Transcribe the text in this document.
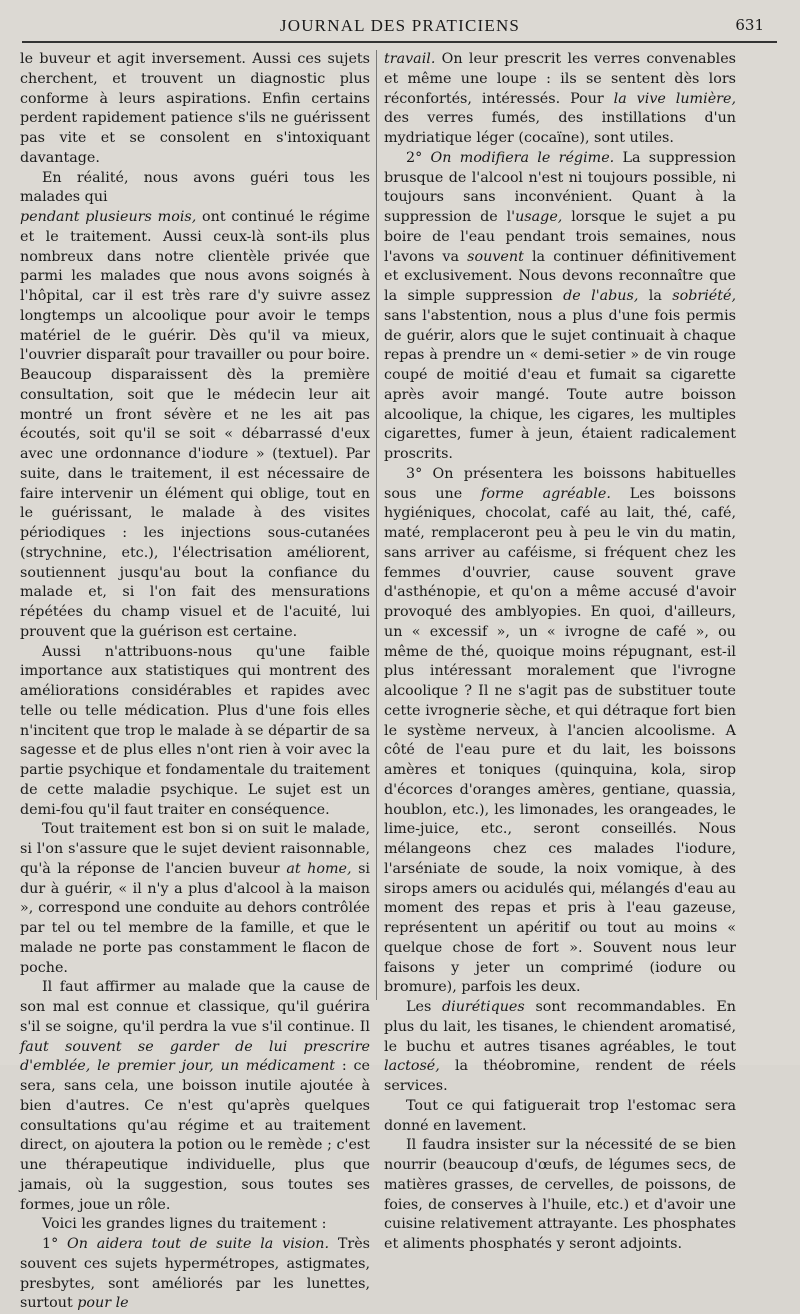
JOURNAL DES PRATICIENS	631

le buveur et agit inversement. Aussi ces sujets cherchent, et trouvent un diagnostic plus conforme à leurs aspirations. Enfin certains perdent rapidement patience s'ils ne guérissent pas vite et se consolent en s'intoxiquant davantage.

En réalité, nous avons guéri tous les malades qui
pendant plusieurs mois, ont continué le régime et le traitement. Aussi ceux-là sont-ils plus nombreux dans notre clientèle privée que parmi les malades que nous avons soignés à l'hôpital, car il est très rare d'y suivre assez longtemps un alcoolique pour avoir le temps matériel de le guérir. Dès qu'il va mieux, l'ouvrier disparaît pour travailler ou pour boire. Beaucoup disparaissent dès la première consultation, soit que le médecin leur ait montré un front sévère et ne les ait pas écoutés, soit qu'il se soit « débarrassé d'eux avec une ordonnance d'iodure » (textuel). Par suite, dans le traitement, il est nécessaire de faire intervenir un élément qui oblige, tout en le guérissant, le malade à des visites périodiques : les injections sous-cutanées (strychnine, etc.), l'électrisation améliorent, soutiennent jusqu'au bout la confiance du malade et, si l'on fait des mensurations répétées du champ visuel et de l'acuité, lui prouvent que la guérison est certaine.

Aussi n'attribuons-nous qu'une faible importance aux statistiques qui montrent des améliorations considérables et rapides avec telle ou telle médication. Plus d'une fois elles n'incitent que trop le malade à se départir de sa sagesse et de plus elles n'ont rien à voir avec la partie psychique et fondamentale du traitement de cette maladie psychique. Le sujet est un demi-fou qu'il faut traiter en conséquence.

Tout traitement est bon si on suit le malade, si l'on s'assure que le sujet devient raisonnable, qu'à la réponse de l'ancien buveur at home, si dur à guérir, « il n'y a plus d'alcool à la maison », correspond une conduite au dehors contrôlée par tel ou tel membre de la famille, et que le malade ne porte pas constamment le flacon de poche.

Il faut affirmer au malade que la cause de son mal est connue et classique, qu'il guérira s'il se soigne, qu'il perdra la vue s'il continue. Il faut souvent se garder de lui prescrire d'emblée, le premier jour, un médicament : ce sera, sans cela, une boisson inutile ajoutée à bien d'autres. Ce n'est qu'après quelques consultations qu'au régime et au traitement direct, on ajoutera la potion ou le remède ; c'est une thérapeutique individuelle, plus que jamais, où la suggestion, sous toutes ses formes, joue un rôle.

Voici les grandes lignes du traitement :

1° On aidera tout de suite la vision. Très souvent ces sujets hypermétropes, astigmates, presbytes, sont améliorés par les lunettes, surtout pour le

travail. On leur prescrit les verres convenables et même une loupe : ils se sentent dès lors réconfortés, intéressés. Pour la vive lumière, des verres fumés, des instillations d'un mydriatique léger (cocaïne), sont utiles.

2° On modifiera le régime. La suppression brusque de l'alcool n'est ni toujours possible, ni toujours sans inconvénient. Quant à la suppression de l'usage, lorsque le sujet a pu boire de l'eau pendant trois semaines, nous l'avons va souvent la continuer définitivement et exclusivement. Nous devons reconnaître que la simple suppression de l'abus, la sobriété, sans l'abstention, nous a plus d'une fois permis de guérir, alors que le sujet continuait à chaque repas à prendre un « demi-setier » de vin rouge coupé de moitié d'eau et fumait sa cigarette après avoir mangé. Toute autre boisson alcoolique, la chique, les cigares, les multiples cigarettes, fumer à jeun, étaient radicalement proscrits.

3° On présentera les boissons habituelles sous une forme agréable. Les boissons hygiéniques, chocolat, café au lait, thé, café, maté, remplaceront peu à peu le vin du matin, sans arriver au caféisme, si fréquent chez les femmes d'ouvrier, cause souvent grave d'asthénopie, et qu'on a même accusé d'avoir provoqué des amblyopies. En quoi, d'ailleurs, un « excessif », un « ivrogne de café », ou même de thé, quoique moins répugnant, est-il plus intéressant moralement que l'ivrogne alcoolique ? Il ne s'agit pas de substituer toute cette ivrognerie sèche, et qui détraque fort bien le système nerveux, à l'ancien alcoolisme. A côté de l'eau pure et du lait, les boissons amères et toniques (quinquina, kola, sirop d'écorces d'oranges amères, gentiane, quassia, houblon, etc.), les limonades, les orangeades, le lime-juice, etc., seront conseillés. Nous mélangeons chez ces malades l'iodure, l'arséniate de soude, la noix vomique, à des sirops amers ou acidulés qui, mélangés d'eau au moment des repas et pris à l'eau gazeuse, représentent un apéritif ou tout au moins « quelque chose de fort ». Souvent nous leur faisons y jeter un comprimé (iodure ou bromure), parfois les deux.

Les diurétiques sont recommandables. En plus du lait, les tisanes, le chiendent aromatisé, le buchu et autres tisanes agréables, le tout lactosé, la théobromine, rendent de réels services.

Tout ce qui fatiguerait trop l'estomac sera donné en lavement.

Il faudra insister sur la nécessité de se bien nourrir (beaucoup d'œufs, de légumes secs, de matières grasses, de cervelles, de poissons, de foies, de conserves à l'huile, etc.) et d'avoir une cuisine relativement attrayante. Les phosphates et aliments phosphatés y seront adjoints.
